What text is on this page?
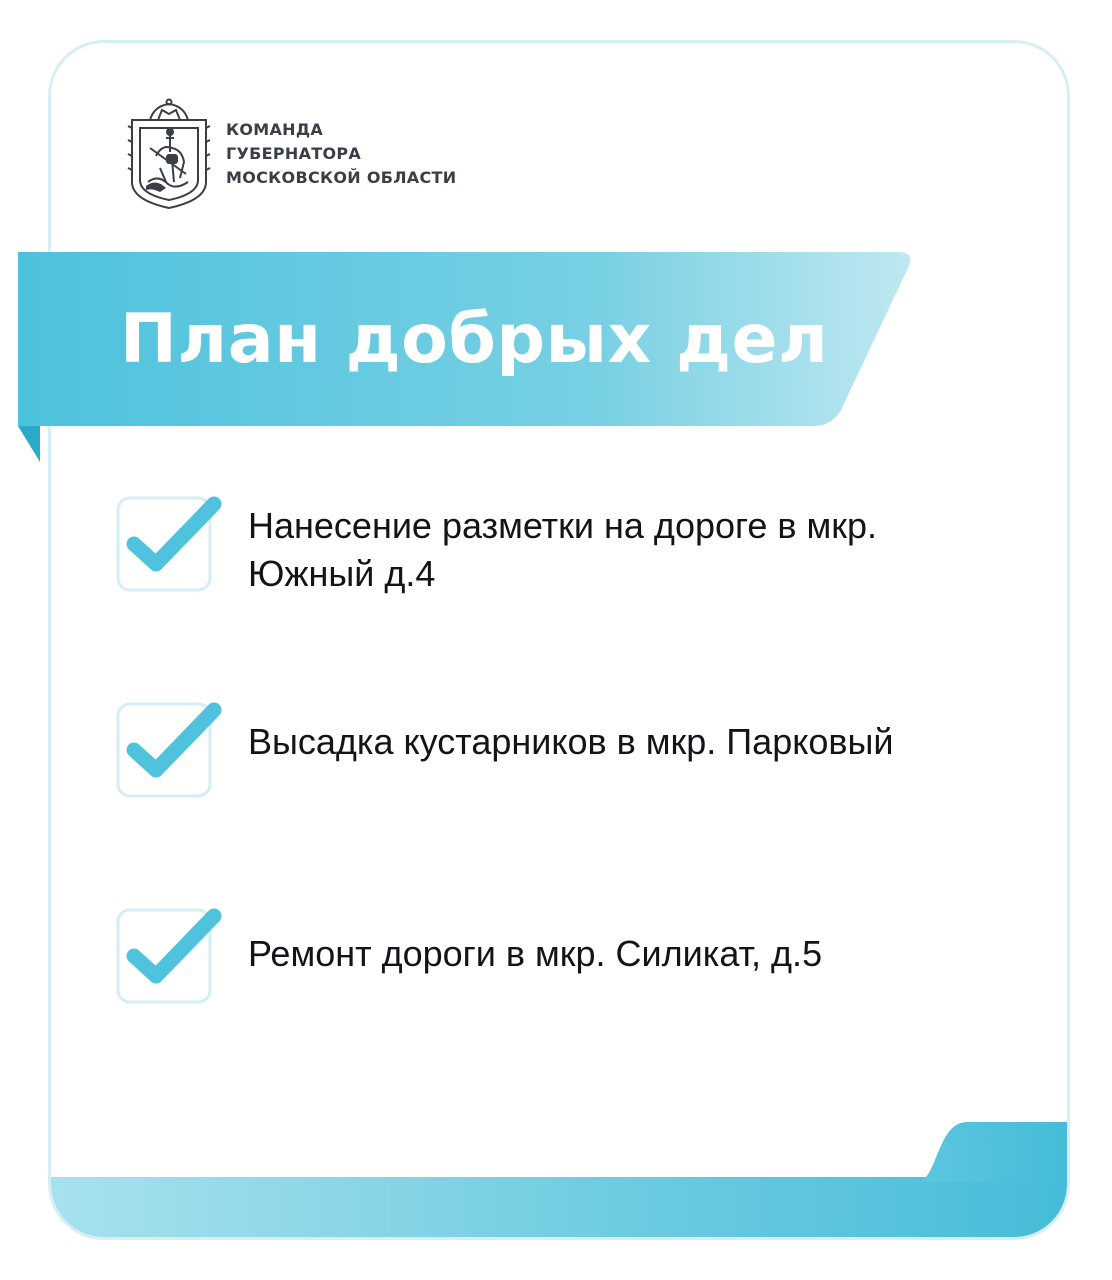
КОМАНДА
ГУБЕРНАТОРА
МОСКОВСКОЙ ОБЛАСТИ
План добрых дел
Нанесение разметки на дороге в мкр. Южный д.4
Высадка кустарников в мкр. Парковый
Ремонт дороги в мкр. Силикат, д.5
